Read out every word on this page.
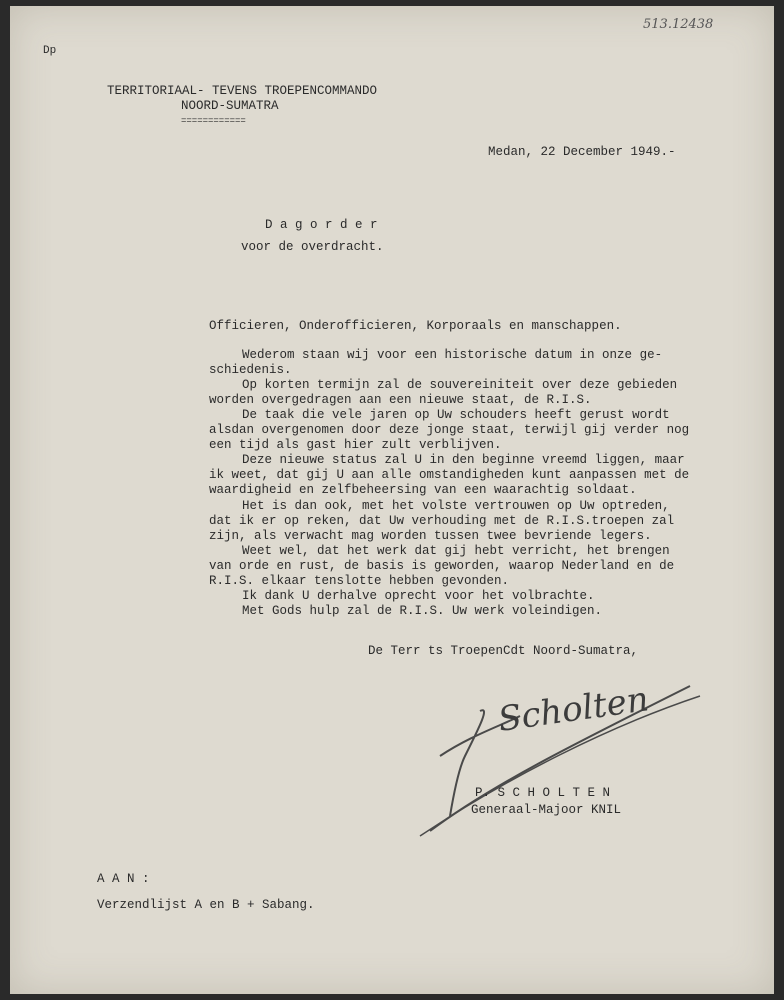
513.12438
Dp
TERRITORIAAL- TEVENS TROEPENCOMMANDO
NOORD-SUMATRA
============
Medan, 22 December 1949.-
D a g o r d e r
voor de overdracht.
Officieren, Onderofficieren, Korporaals en manschappen.
Wederom staan wij voor een historische datum in onze ge-
schiedenis.
Op korten termijn zal de souvereiniteit over deze gebieden
worden overgedragen aan een nieuwe staat, de R.I.S.
De taak die vele jaren op Uw schouders heeft gerust wordt
alsdan overgenomen door deze jonge staat, terwijl gij verder nog
een tijd als gast hier zult verblijven.
Deze nieuwe status zal U in den beginne vreemd liggen, maar
ik weet, dat gij U aan alle omstandigheden kunt aanpassen met de
waardigheid en zelfbeheersing van een waarachtig soldaat.
Het is dan ook, met het volste vertrouwen op Uw optreden,
dat ik er op reken, dat Uw verhouding met de R.I.S.troepen zal
zijn, als verwacht mag worden tussen twee bevriende legers.
Weet wel, dat het werk dat gij hebt verricht, het brengen
van orde en rust, de basis is geworden, waarop Nederland en de
R.I.S. elkaar tenslotte hebben gevonden.
Ik dank U derhalve oprecht voor het volbrachte.
Met Gods hulp zal de R.I.S. Uw werk voleindigen.
De Terr ts TroepenCdt Noord-Sumatra,
Scholten
P. S C H O L T E N
Generaal-Majoor KNIL
A A N :
Verzendlijst A en B + Sabang.
